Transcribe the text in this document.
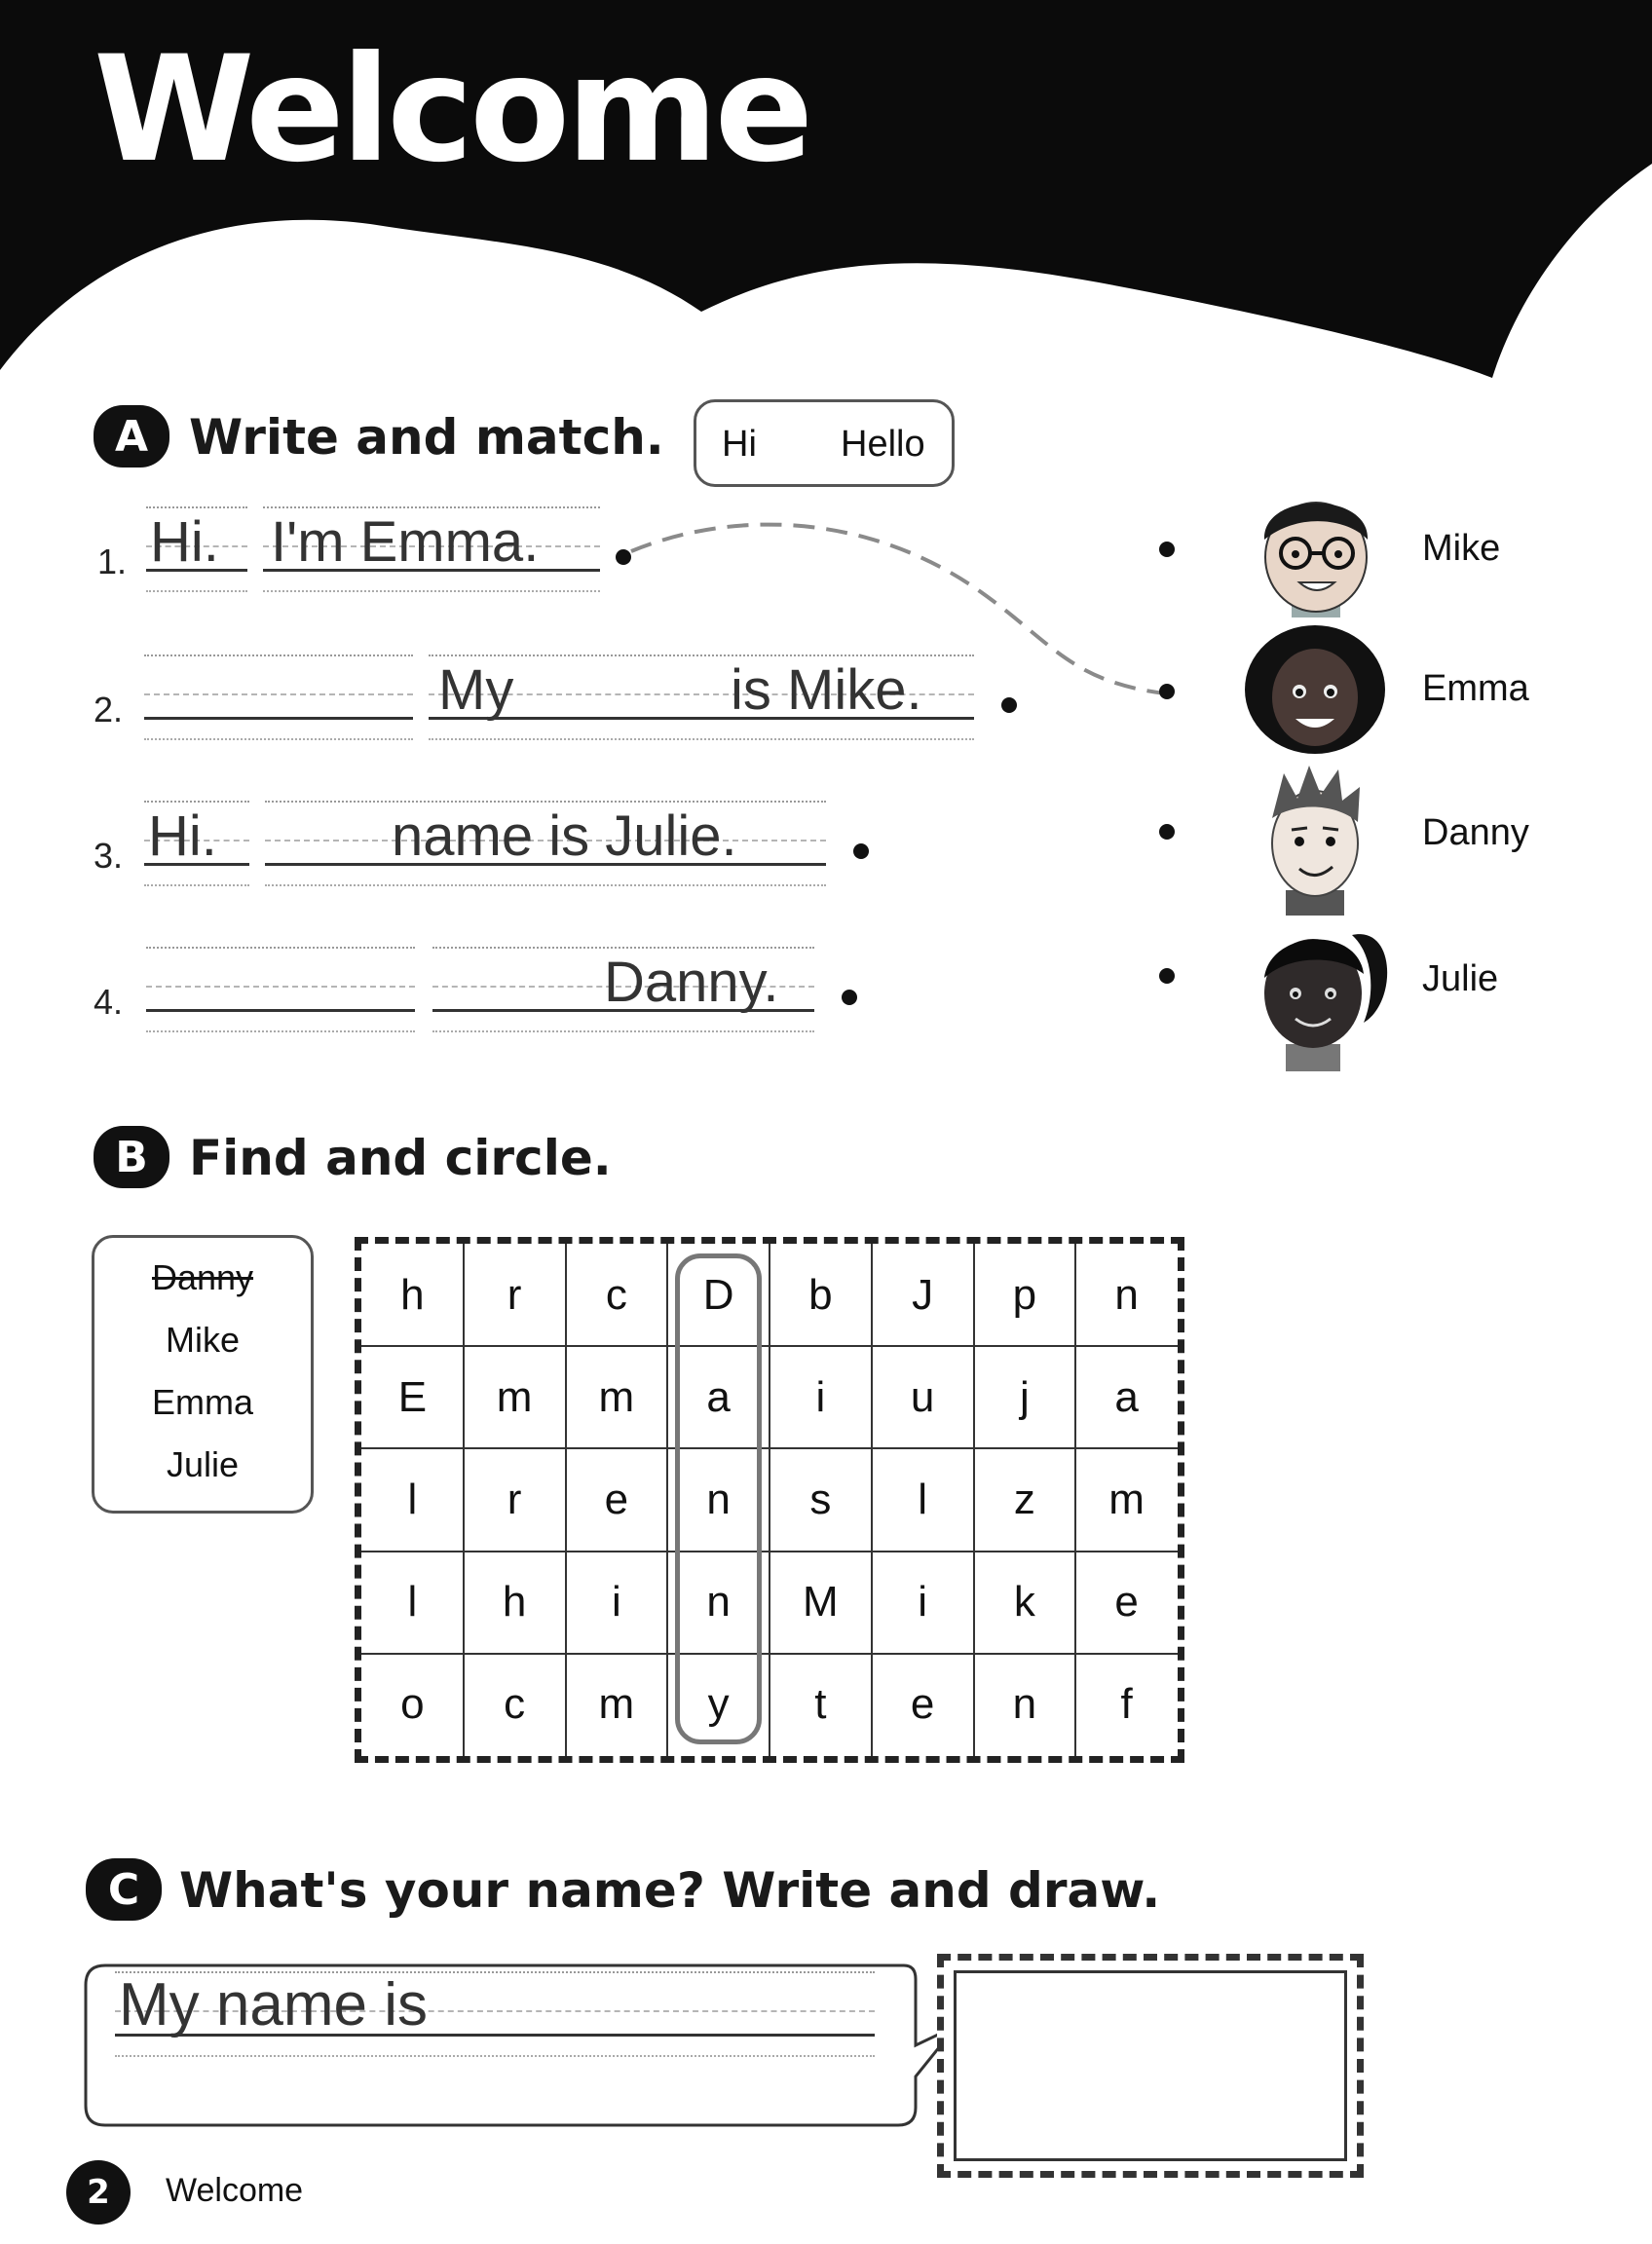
Welcome
A Write and match. Hi Hello
1. Hi. I'm Emma.
2.	My	is Mike.
3. Hi.	name is Julie.
4.	Danny.
Mike
Emma
Danny
Julie
B Find and circle.
Danny
Mike
Emma
Julie
h	r	c	D	b	J	p	n
E	m	m	a	i	u	j	a
l	r	e	n	s	l	z	m
l	h	i	n	M	i	k	e
o	c	m	y	t	e	n	f
C What's your name? Write and draw.
My name is
2	Welcome
